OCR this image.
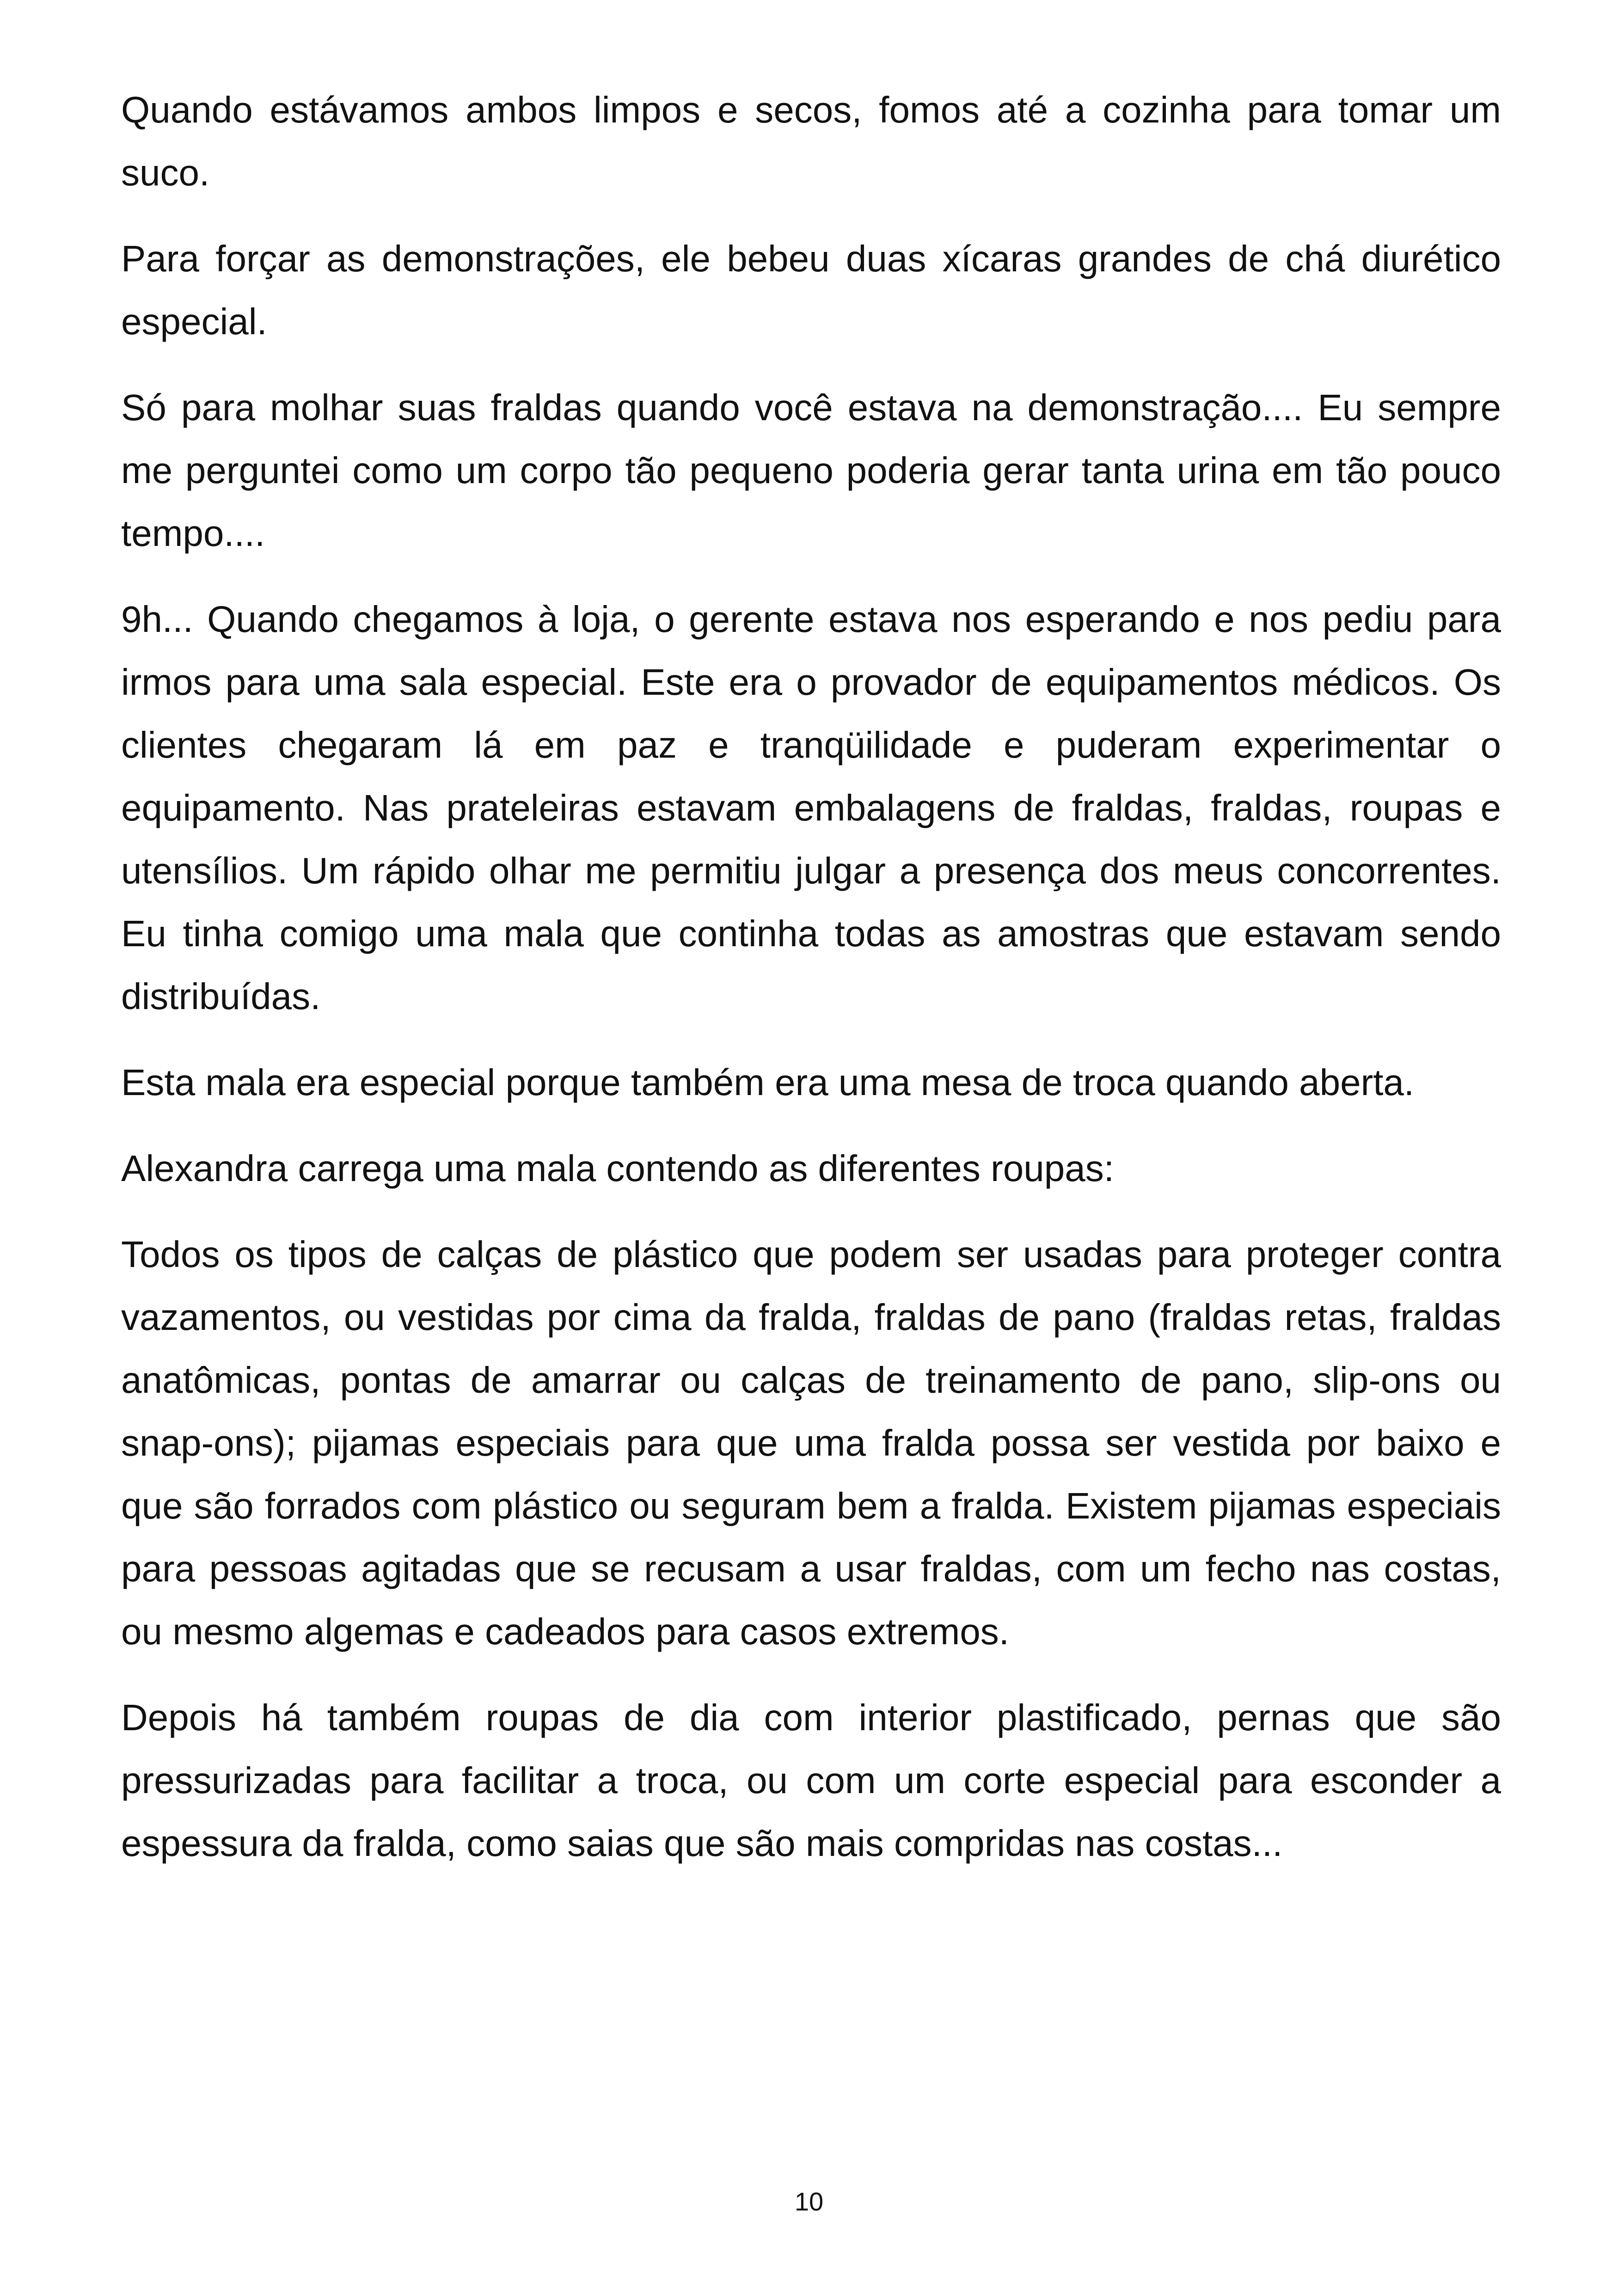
Quando estávamos ambos limpos e secos, fomos até a cozinha para tomar um suco.

Para forçar as demonstrações, ele bebeu duas xícaras grandes de chá diurético especial.

Só para molhar suas fraldas quando você estava na demonstração.... Eu sempre me perguntei como um corpo tão pequeno poderia gerar tanta urina em tão pouco tempo....

9h... Quando chegamos à loja, o gerente estava nos esperando e nos pediu para irmos para uma sala especial. Este era o provador de equipamentos médicos. Os clientes chegaram lá em paz e tranqüilidade e puderam experimentar o equipamento. Nas prateleiras estavam embalagens de fraldas, fraldas, roupas e utensílios. Um rápido olhar me permitiu julgar a presença dos meus concorrentes. Eu tinha comigo uma mala que continha todas as amostras que estavam sendo distribuídas.

Esta mala era especial porque também era uma mesa de troca quando aberta.

Alexandra carrega uma mala contendo as diferentes roupas:

Todos os tipos de calças de plástico que podem ser usadas para proteger contra vazamentos, ou vestidas por cima da fralda, fraldas de pano (fraldas retas, fraldas anatômicas, pontas de amarrar ou calças de treinamento de pano, slip-ons ou snap-ons); pijamas especiais para que uma fralda possa ser vestida por baixo e que são forrados com plástico ou seguram bem a fralda. Existem pijamas especiais para pessoas agitadas que se recusam a usar fraldas, com um fecho nas costas, ou mesmo algemas e cadeados para casos extremos.

Depois há também roupas de dia com interior plastificado, pernas que são pressurizadas para facilitar a troca, ou com um corte especial para esconder a espessura da fralda, como saias que são mais compridas nas costas...

10
